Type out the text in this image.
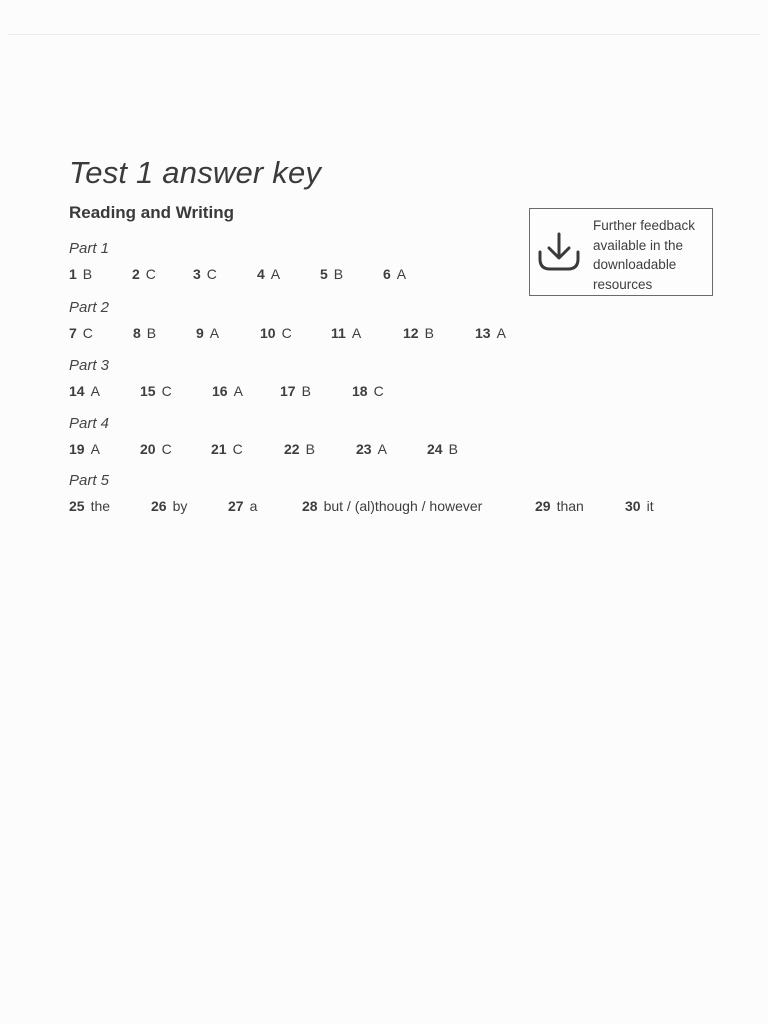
Test 1 answer key
Reading and Writing
Part 1
1 B	2 C	3 C	4 A	5 B	6 A
Part 2
7 C	8 B	9 A	10 C	11 A	12 B	13 A
Part 3
14 A	15 C	16 A	17 B	18 C
Part 4
19 A	20 C	21 C	22 B	23 A	24 B
Part 5
25 the	26 by	27 a	28 but / (al)though / however	29 than	30 it
Further feedback available in the downloadable resources
